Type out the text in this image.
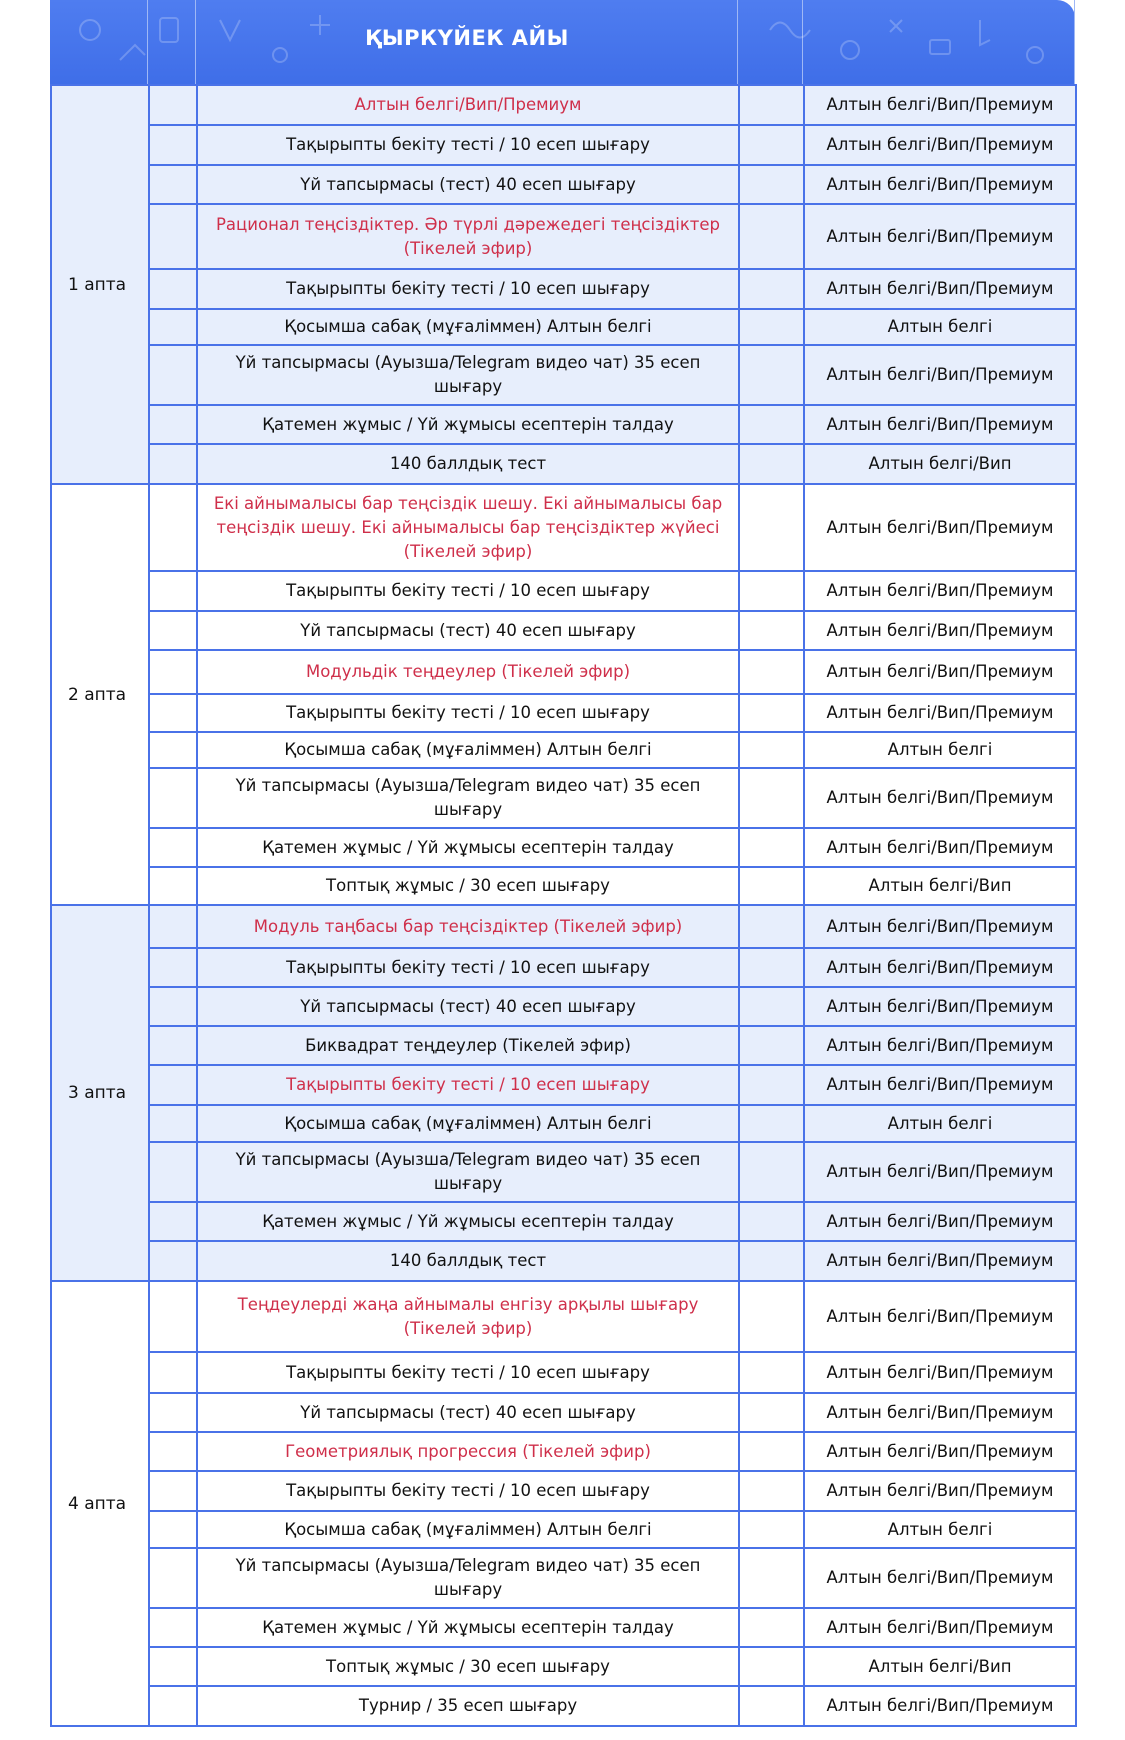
ҚЫРКҮЙЕК АЙЫ
1 апта		Алтын белгі/Вип/Премиум		Алтын белгі/Вип/Премиум
		Тақырыпты бекіту тесті / 10 есеп шығару		Алтын белгі/Вип/Премиум
		Үй тапсырмасы (тест) 40 есеп шығару		Алтын белгі/Вип/Премиум
		Рационал теңсіздіктер. Әр түрлі дәрежедегі теңсіздіктер (Тікелей эфир)		Алтын белгі/Вип/Премиум
		Тақырыпты бекіту тесті / 10 есеп шығару		Алтын белгі/Вип/Премиум
		Қосымша сабақ (мұғаліммен) Алтын белгі		Алтын белгі
		Үй тапсырмасы (Ауызша/Telegram видео чат) 35 есеп шығару		Алтын белгі/Вип/Премиум
		Қатемен жұмыс / Үй жұмысы есептерін талдау		Алтын белгі/Вип/Премиум
		140 баллдық тест		Алтын белгі/Вип
2 апта		Екі айнымалысы бар теңсіздік шешу. Екі айнымалысы бар теңсіздік шешу. Екі айнымалысы бар теңсіздіктер жүйесі (Тікелей эфир)		Алтын белгі/Вип/Премиум
		Тақырыпты бекіту тесті / 10 есеп шығару		Алтын белгі/Вип/Премиум
		Үй тапсырмасы (тест) 40 есеп шығару		Алтын белгі/Вип/Премиум
		Модульдік теңдеулер (Тікелей эфир)		Алтын белгі/Вип/Премиум
		Тақырыпты бекіту тесті / 10 есеп шығару		Алтын белгі/Вип/Премиум
		Қосымша сабақ (мұғаліммен) Алтын белгі		Алтын белгі
		Үй тапсырмасы (Ауызша/Telegram видео чат) 35 есеп шығару		Алтын белгі/Вип/Премиум
		Қатемен жұмыс / Үй жұмысы есептерін талдау		Алтын белгі/Вип/Премиум
		Топтық жұмыс / 30 есеп шығару		Алтын белгі/Вип
3 апта		Модуль таңбасы бар теңсіздіктер (Тікелей эфир)		Алтын белгі/Вип/Премиум
		Тақырыпты бекіту тесті / 10 есеп шығару		Алтын белгі/Вип/Премиум
		Үй тапсырмасы (тест) 40 есеп шығару		Алтын белгі/Вип/Премиум
		Биквадрат теңдеулер (Тікелей эфир)		Алтын белгі/Вип/Премиум
		Тақырыпты бекіту тесті / 10 есеп шығару		Алтын белгі/Вип/Премиум
		Қосымша сабақ (мұғаліммен) Алтын белгі		Алтын белгі
		Үй тапсырмасы (Ауызша/Telegram видео чат) 35 есеп шығару		Алтын белгі/Вип/Премиум
		Қатемен жұмыс / Үй жұмысы есептерін талдау		Алтын белгі/Вип/Премиум
		140 баллдық тест		Алтын белгі/Вип/Премиум
4 апта		Теңдеулерді жаңа айнымалы енгізу арқылы шығару (Тікелей эфир)		Алтын белгі/Вип/Премиум
		Тақырыпты бекіту тесті / 10 есеп шығару		Алтын белгі/Вип/Премиум
		Үй тапсырмасы (тест) 40 есеп шығару		Алтын белгі/Вип/Премиум
		Геометриялық прогрессия (Тікелей эфир)		Алтын белгі/Вип/Премиум
		Тақырыпты бекіту тесті / 10 есеп шығару		Алтын белгі/Вип/Премиум
		Қосымша сабақ (мұғаліммен) Алтын белгі		Алтын белгі
		Үй тапсырмасы (Ауызша/Telegram видео чат) 35 есеп шығару		Алтын белгі/Вип/Премиум
		Қатемен жұмыс / Үй жұмысы есептерін талдау		Алтын белгі/Вип/Премиум
		Топтық жұмыс / 30 есеп шығару		Алтын белгі/Вип
		Турнир / 35 есеп шығару		Алтын белгі/Вип/Премиум
